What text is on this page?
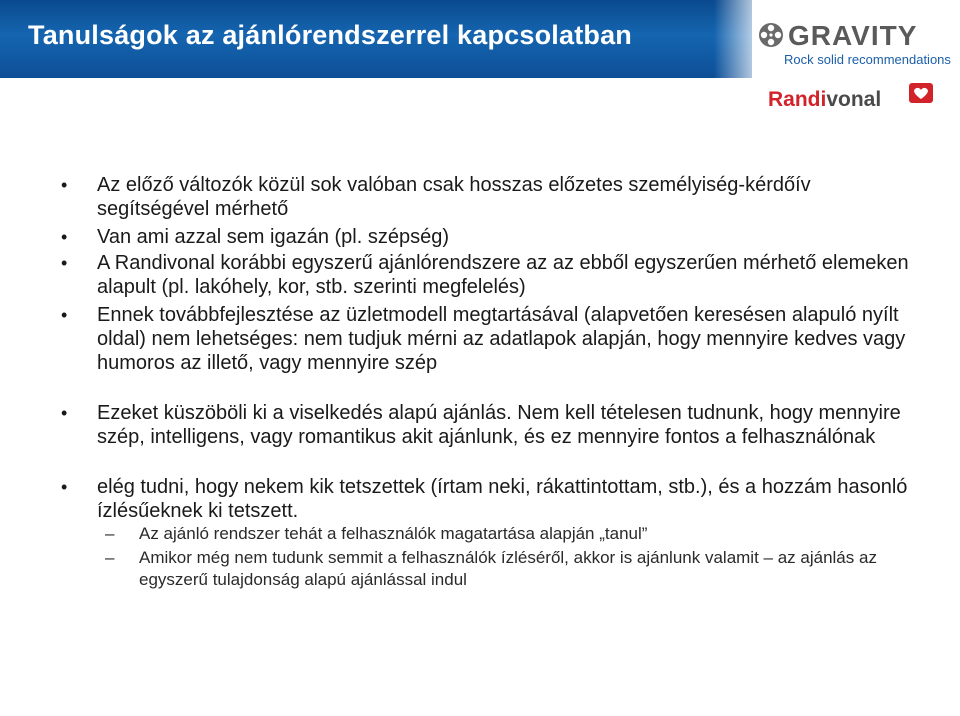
Tanulságok az ajánlórendszerrel kapcsolatban	GRAVITY
Rock solid recommendations
Randivonal
• Az előző változók közül sok valóban csak hosszas előzetes személyiség-kérdőív segítségével mérhető
• Van ami azzal sem igazán (pl. szépség)
• A Randivonal korábbi egyszerű ajánlórendszere az az ebből egyszerűen mérhető elemeken alapult (pl. lakóhely, kor, stb. szerinti megfelelés)
• Ennek továbbfejlesztése az üzletmodell megtartásával (alapvetően keresésen alapuló nyílt oldal) nem lehetséges: nem tudjuk mérni az adatlapok alapján, hogy mennyire kedves vagy humoros az illető, vagy mennyire szép
• Ezeket küszöböli ki a viselkedés alapú ajánlás. Nem kell tételesen tudnunk, hogy mennyire szép, intelligens, vagy romantikus akit ajánlunk, és ez mennyire fontos a felhasználónak
• elég tudni, hogy nekem kik tetszettek (írtam neki, rákattintottam, stb.), és a hozzám hasonló ízlésűeknek ki tetszett.
– Az ajánló rendszer tehát a felhasználók magatartása alapján „tanul”
– Amikor még nem tudunk semmit a felhasználók ízléséről, akkor is ajánlunk valamit – az ajánlás az egyszerű tulajdonság alapú ajánlással indul
